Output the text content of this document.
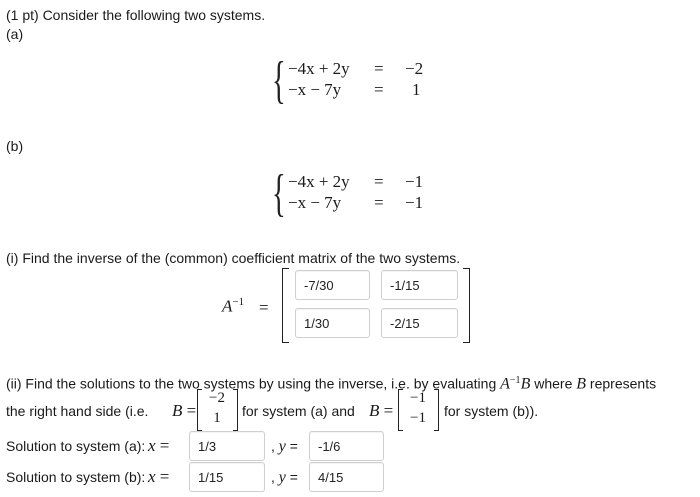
(1 pt) Consider the following two systems.
(a)
{ −4x + 2y = −2
−x − 7y = 1
(b)
{ −4x + 2y = −1
−x − 7y = −1
(i) Find the inverse of the (common) coefficient matrix of the two systems.
$A^{-1}$ =
-7/30	-1/15
1/30	-2/15
(ii) Find the solutions to the two systems by using the inverse, i.e. by evaluating $A^{-1}B$ where B represents
the right hand side (i.e. B =
−2
1	for system (a) and B =
−1
−1	for system (b)).
Solution to system (a): x =	1/3	, y =	-1/6
Solution to system (b): x =	1/15	, y =	4/15
